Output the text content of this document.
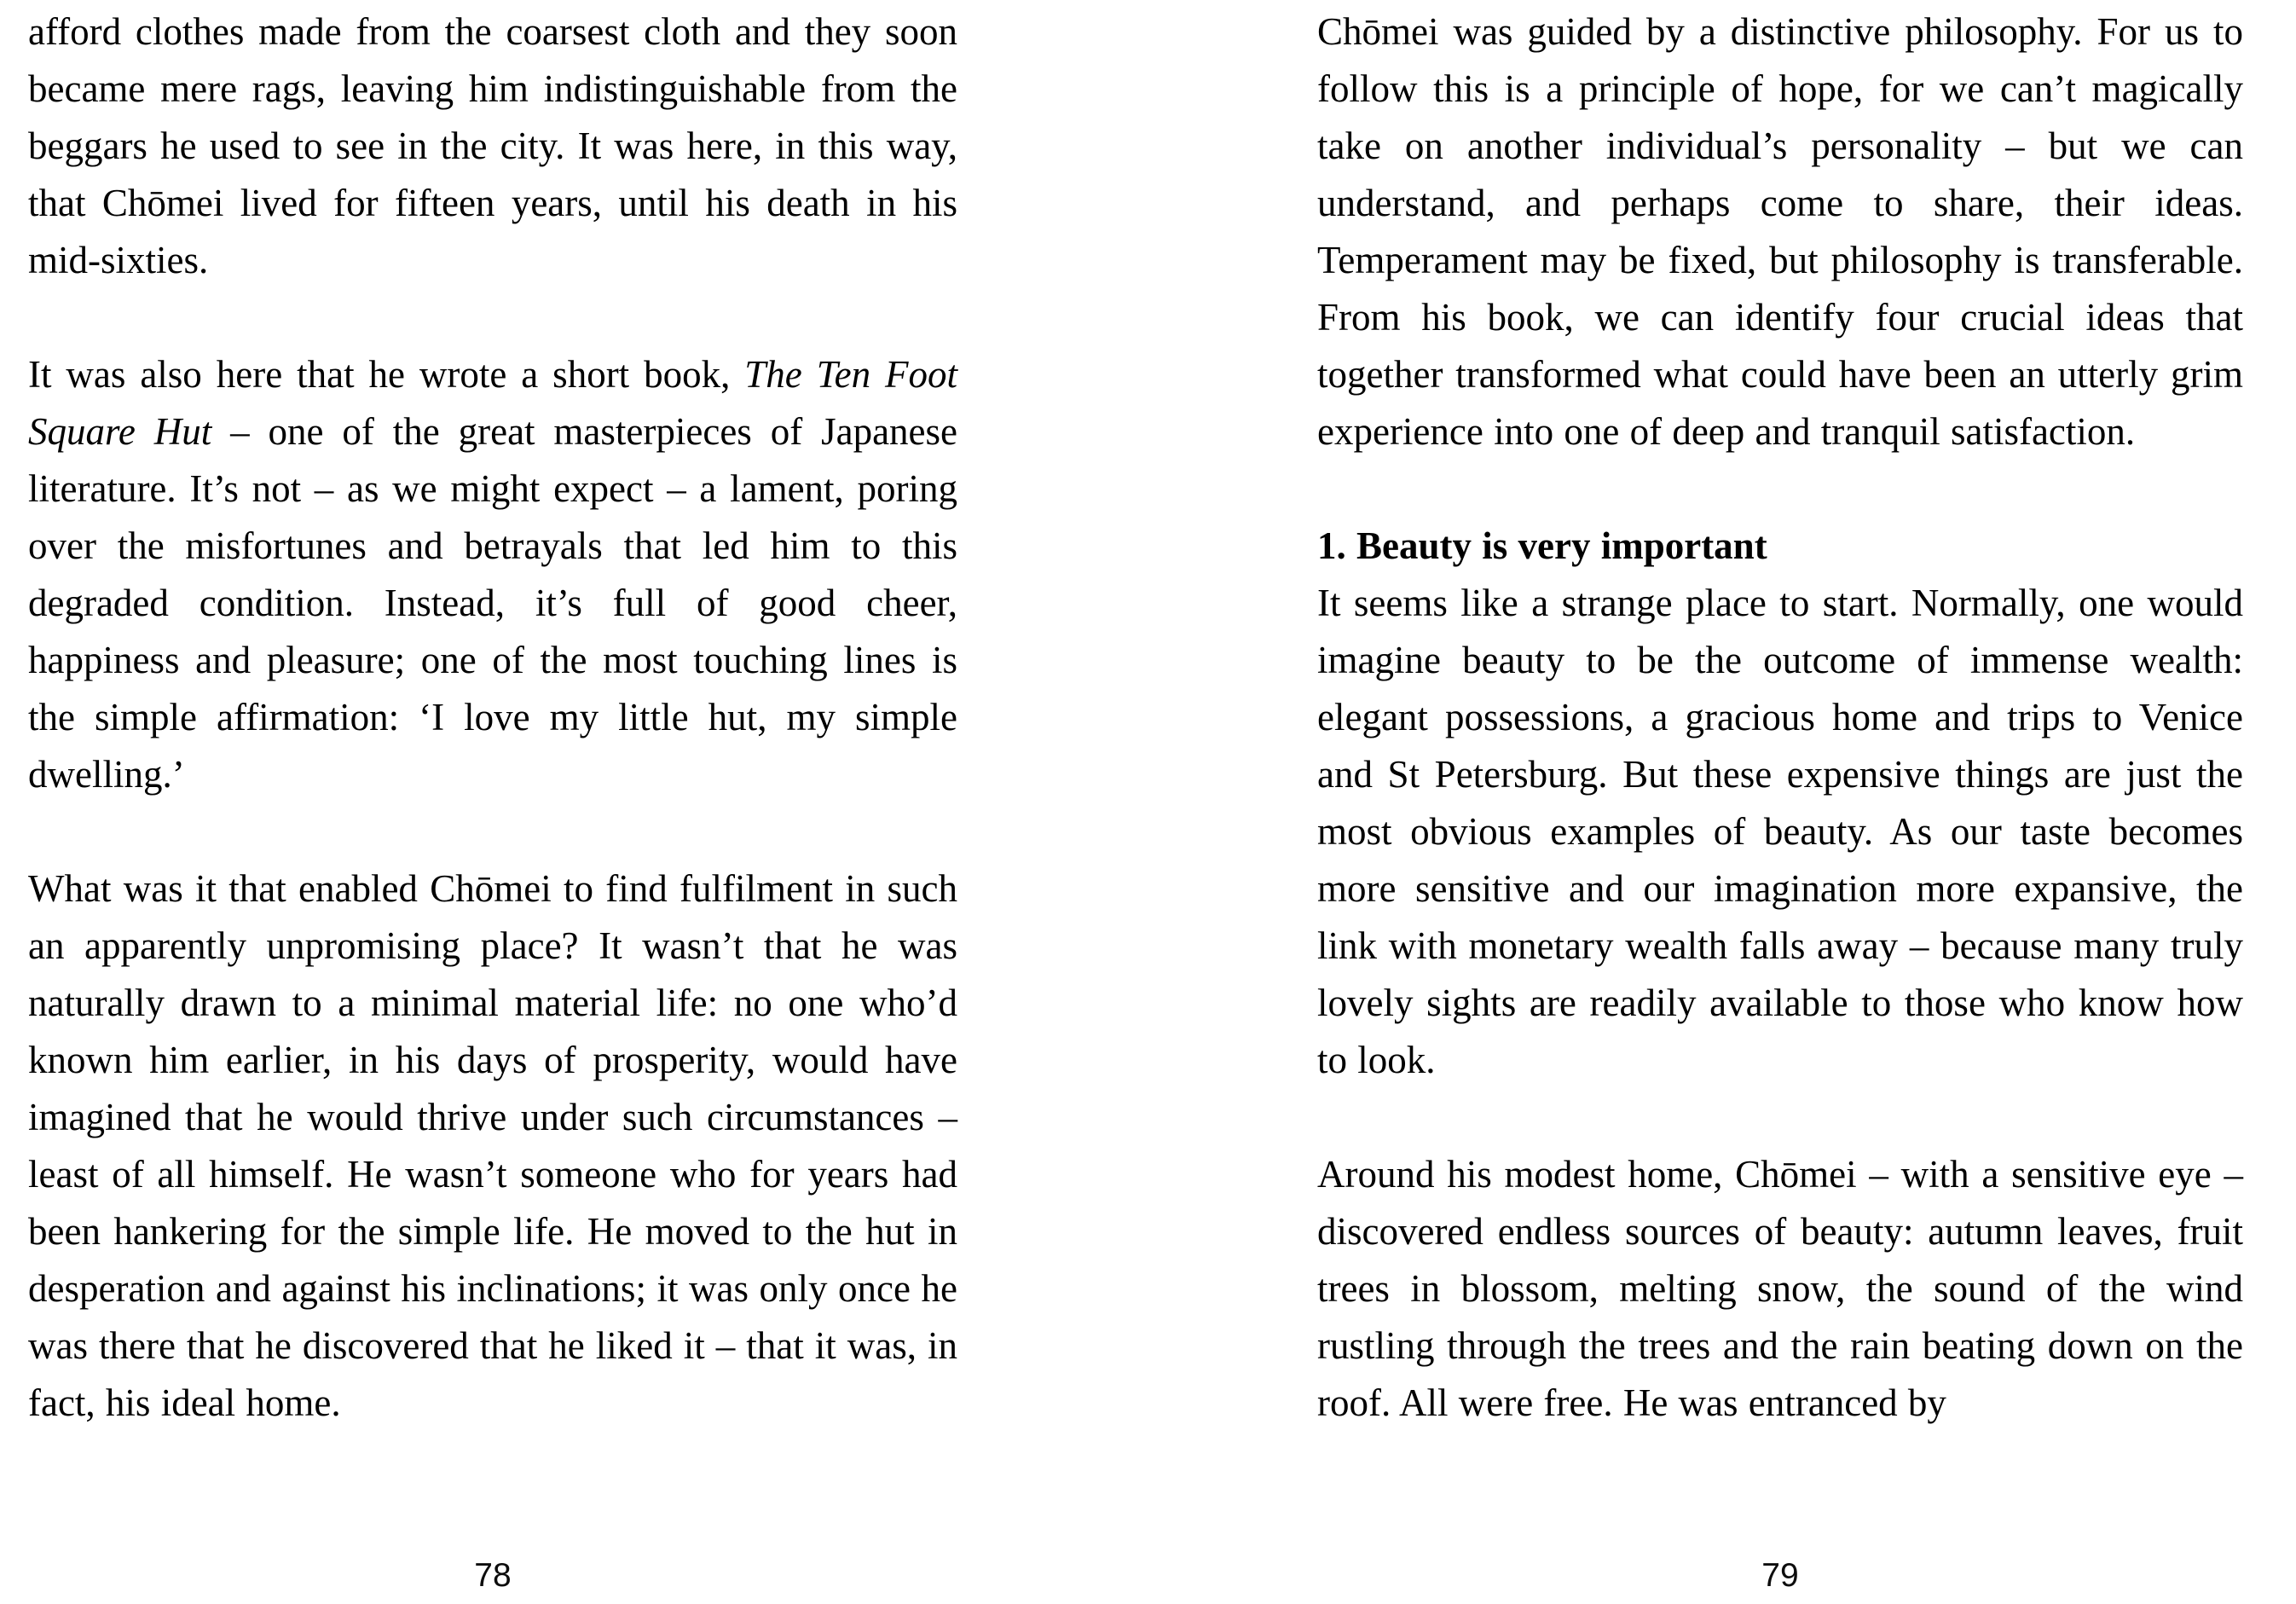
afford clothes made from the coarsest cloth and they soon became mere rags, leaving him indistinguishable from the beggars he used to see in the city. It was here, in this way, that Chōmei lived for fifteen years, until his death in his mid-sixties.

It was also here that he wrote a short book, The Ten Foot Square Hut – one of the great masterpieces of Japanese literature. It’s not – as we might expect – a lament, poring over the misfortunes and betrayals that led him to this degraded condition. Instead, it’s full of good cheer, happiness and pleasure; one of the most touching lines is the simple affirmation: ‘I love my little hut, my simple dwelling.’

What was it that enabled Chōmei to find fulfilment in such an apparently unpromising place? It wasn’t that he was naturally drawn to a minimal material life: no one who’d known him earlier, in his days of prosperity, would have imagined that he would thrive under such circumstances – least of all himself. He wasn’t someone who for years had been hankering for the simple life. He moved to the hut in desperation and against his inclinations; it was only once he was there that he discovered that he liked it – that it was, in fact, his ideal home.

78

Chōmei was guided by a distinctive philosophy. For us to follow this is a principle of hope, for we can’t magically take on another individual’s personality – but we can understand, and perhaps come to share, their ideas. Temperament may be fixed, but philosophy is transferable. From his book, we can identify four crucial ideas that together transformed what could have been an utterly grim experience into one of deep and tranquil satisfaction.

1. Beauty is very important

It seems like a strange place to start. Normally, one would imagine beauty to be the outcome of immense wealth: elegant possessions, a gracious home and trips to Venice and St Petersburg. But these expensive things are just the most obvious examples of beauty. As our taste becomes more sensitive and our imagination more expansive, the link with monetary wealth falls away – because many truly lovely sights are readily available to those who know how to look.

Around his modest home, Chōmei – with a sensitive eye – discovered endless sources of beauty: autumn leaves, fruit trees in blossom, melting snow, the sound of the wind rustling through the trees and the rain beating down on the roof. All were free. He was entranced by

79
